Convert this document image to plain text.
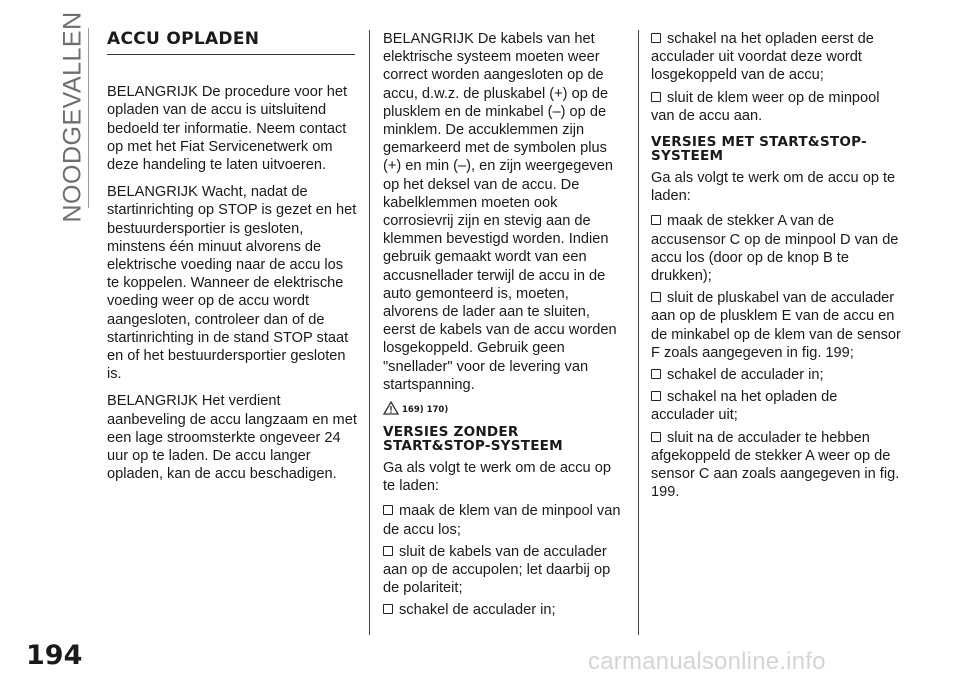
NOODGEVALLEN ACCU OPLADEN

BELANGRIJK De procedure voor het opladen van de accu is uitsluitend bedoeld ter informatie. Neem contact op met het Fiat Servicenetwerk om deze handeling te laten uitvoeren.

BELANGRIJK Wacht, nadat de startinrichting op STOP is gezet en het bestuurdersportier is gesloten, minstens één minuut alvorens de elektrische voeding naar de accu los te koppelen. Wanneer de elektrische voeding weer op de accu wordt aangesloten, controleer dan of de startinrichting in de stand STOP staat en of het bestuurdersportier gesloten is.

BELANGRIJK Het verdient aanbeveling de accu langzaam en met een lage stroomsterkte ongeveer 24 uur op te laden. De accu langer opladen, kan de accu beschadigen.

BELANGRIJK De kabels van het elektrische systeem moeten weer correct worden aangesloten op de accu, d.w.z. de pluskabel (+) op de plusklem en de minkabel (–) op de minklem. De accuklemmen zijn gemarkeerd met de symbolen plus (+) en min (–), en zijn weergegeven op het deksel van de accu. De kabelklemmen moeten ook corrosievrij zijn en stevig aan de klemmen bevestigd worden. Indien gebruik gemaakt wordt van een accusnellader terwijl de accu in de auto gemonteerd is, moeten, alvorens de lader aan te sluiten, eerst de kabels van de accu worden losgekoppeld. Gebruik geen "snellader" voor de levering van startspanning.

169) 170)
VERSIES ZONDER START&STOP-SYSTEEM

Ga als volgt te werk om de accu op te laden:

maak de klem van de minpool van de accu los;

sluit de kabels van de acculader aan op de accupolen; let daarbij op de polariteit;

schakel de acculader in;

schakel na het opladen eerst de acculader uit voordat deze wordt losgekoppeld van de accu;

sluit de klem weer op de minpool van de accu aan.

VERSIES MET START&STOP-SYSTEEM

Ga als volgt te werk om de accu op te laden:

maak de stekker A van de accusensor C op de minpool D van de accu los (door op de knop B te drukken);

sluit de pluskabel van de acculader aan op de plusklem E van de accu en de minkabel op de klem van de sensor F zoals aangegeven in fig. 199;

schakel de acculader in;

schakel na het opladen de acculader uit;

sluit na de acculader te hebben afgekoppeld de stekker A weer op de sensor C aan zoals aangegeven in fig. 199.

194	carmanualsonline.info
